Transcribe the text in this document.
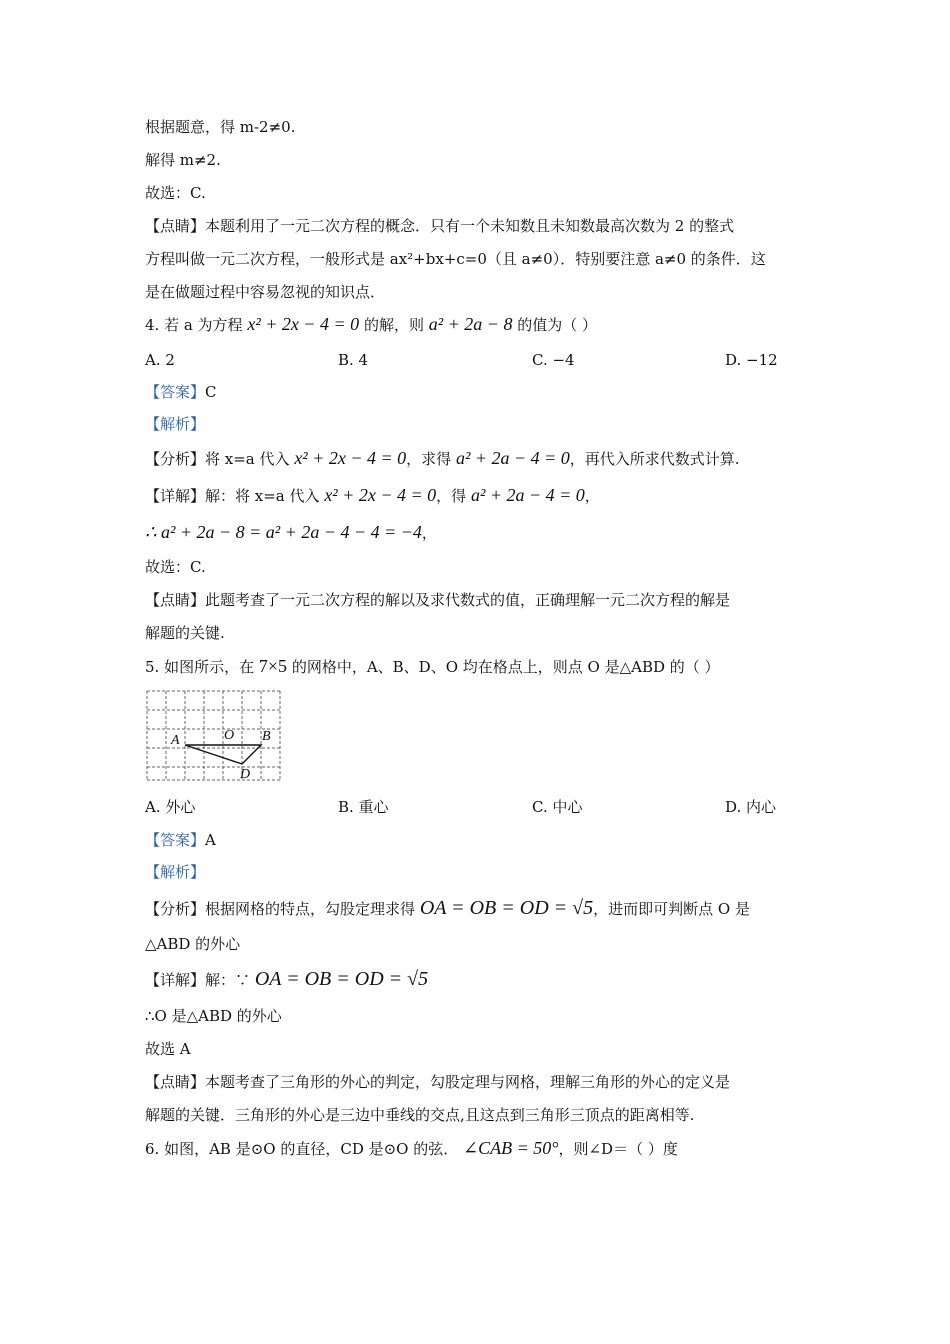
根据题意，得 m-2≠0.
解得 m≠2.
故选：C.
【点睛】本题利用了一元二次方程的概念．只有一个未知数且未知数最高次数为 2 的整式
方程叫做一元二次方程，一般形式是 ax²+bx+c=0（且 a≠0）．特别要注意 a≠0 的条件．这
是在做题过程中容易忽视的知识点．
4. 若 a 为方程 x² + 2x − 4 = 0 的解，则 a² + 2a − 8 的值为（ ）
A. 2	B. 4	C. −4	D. −12
【答案】C
【解析】
【分析】将 x=a 代入 x² + 2x − 4 = 0，求得 a² + 2a − 4 = 0，再代入所求代数式计算.
【详解】解：将 x=a 代入 x² + 2x − 4 = 0，得 a² + 2a − 4 = 0，
∴ a² + 2a − 8 = a² + 2a − 4 − 4 = −4，
故选：C.
【点睛】此题考查了一元二次方程的解以及求代数式的值，正确理解一元二次方程的解是
解题的关键.
5. 如图所示，在 7×5 的网格中，A、B、D、O 均在格点上，则点 O 是△ABD 的（ ）
A	O B
D
A. 外心	B. 重心	C. 中心	D. 内心
【答案】A
【解析】
【分析】根据网格的特点，勾股定理求得 OA = OB = OD = √5，进而即可判断点 O 是
△ABD 的外心
【详解】解：∵ OA = OB = OD = √5
∴O 是△ABD 的外心
故选 A
【点睛】本题考查了三角形的外心的判定，勾股定理与网格，理解三角形的外心的定义是
解题的关键．三角形的外心是三边中垂线的交点,且这点到三角形三顶点的距离相等.
6. 如图，AB 是⊙O 的直径，CD 是⊙O 的弦． ∠CAB = 50°，则∠D＝（ ）度
